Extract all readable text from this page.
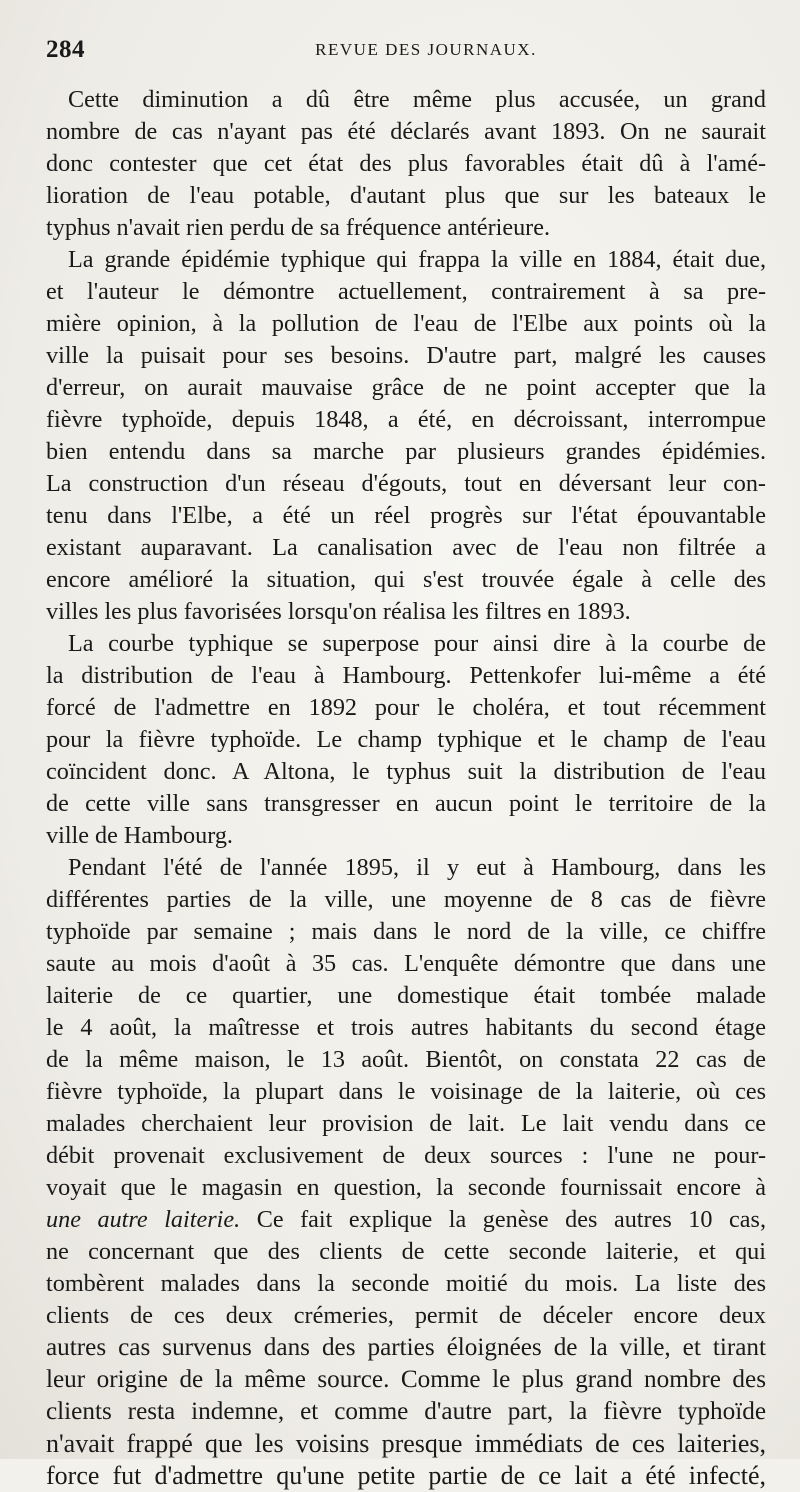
284	REVUE DES JOURNAUX.
Cette diminution a dû être même plus accusée, un grand
nombre de cas n'ayant pas été déclarés avant 1893. On ne saurait
donc contester que cet état des plus favorables était dû à l'amé-
lioration de l'eau potable, d'autant plus que sur les bateaux le
typhus n'avait rien perdu de sa fréquence antérieure.
La grande épidémie typhique qui frappa la ville en 1884, était due,
et l'auteur le démontre actuellement, contrairement à sa pre-
mière opinion, à la pollution de l'eau de l'Elbe aux points où la
ville la puisait pour ses besoins. D'autre part, malgré les causes
d'erreur, on aurait mauvaise grâce de ne point accepter que la
fièvre typhoïde, depuis 1848, a été, en décroissant, interrompue
bien entendu dans sa marche par plusieurs grandes épidémies.
La construction d'un réseau d'égouts, tout en déversant leur con-
tenu dans l'Elbe, a été un réel progrès sur l'état épouvantable
existant auparavant. La canalisation avec de l'eau non filtrée a
encore amélioré la situation, qui s'est trouvée égale à celle des
villes les plus favorisées lorsqu'on réalisa les filtres en 1893.
La courbe typhique se superpose pour ainsi dire à la courbe de
la distribution de l'eau à Hambourg. Pettenkofer lui-même a été
forcé de l'admettre en 1892 pour le choléra, et tout récemment
pour la fièvre typhoïde. Le champ typhique et le champ de l'eau
coïncident donc. A Altona, le typhus suit la distribution de l'eau
de cette ville sans transgresser en aucun point le territoire de la
ville de Hambourg.
Pendant l'été de l'année 1895, il y eut à Hambourg, dans les
différentes parties de la ville, une moyenne de 8 cas de fièvre
typhoïde par semaine ; mais dans le nord de la ville, ce chiffre
saute au mois d'août à 35 cas. L'enquête démontre que dans une
laiterie de ce quartier, une domestique était tombée malade
le 4 août, la maîtresse et trois autres habitants du second étage
de la même maison, le 13 août. Bientôt, on constata 22 cas de
fièvre typhoïde, la plupart dans le voisinage de la laiterie, où ces
malades cherchaient leur provision de lait. Le lait vendu dans ce
débit provenait exclusivement de deux sources : l'une ne pour-
voyait que le magasin en question, la seconde fournissait encore à
une autre laiterie. Ce fait explique la genèse des autres 10 cas,
ne concernant que des clients de cette seconde laiterie, et qui
tombèrent malades dans la seconde moitié du mois. La liste des
clients de ces deux crémeries, permit de déceler encore deux
autres cas survenus dans des parties éloignées de la ville, et tirant
leur origine de la même source. Comme le plus grand nombre des
clients resta indemne, et comme d'autre part, la fièvre typhoïde
n'avait frappé que les voisins presque immédiats de ces laiteries,
force fut d'admettre qu'une petite partie de ce lait a été infecté,
